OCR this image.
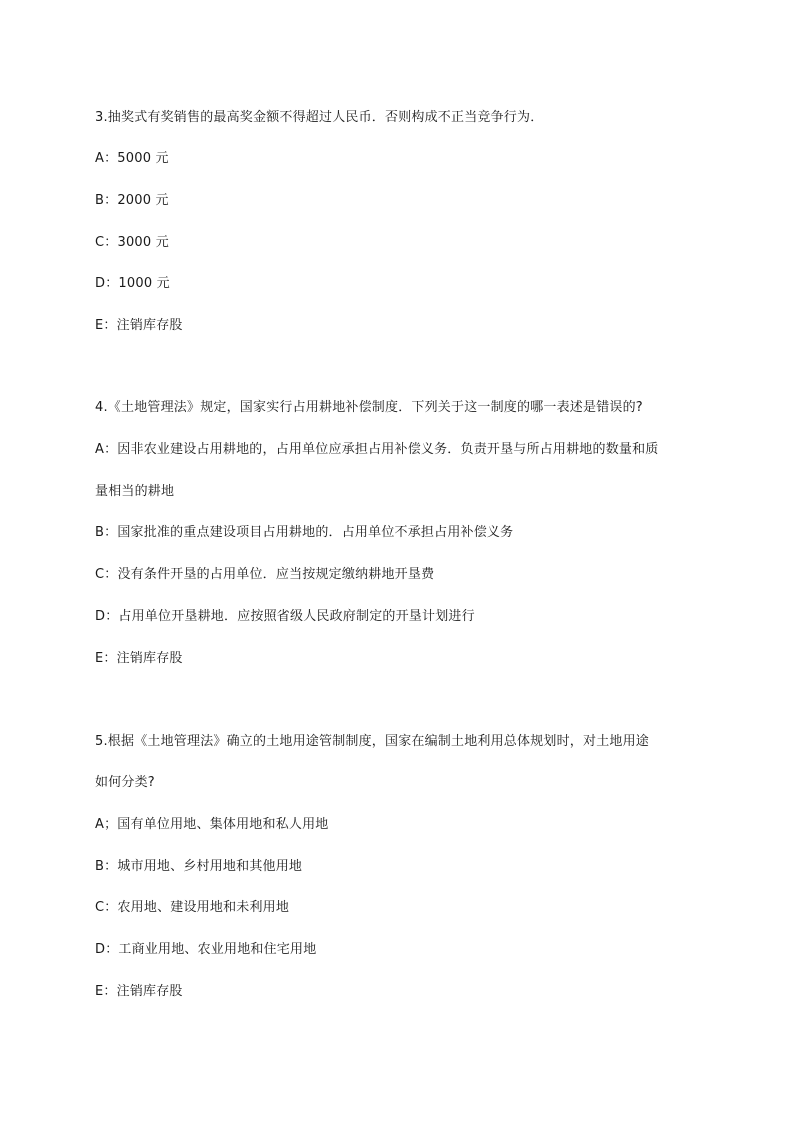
3.抽奖式有奖销售的最高奖金额不得超过人民币．否则构成不正当竞争行为．
A：5000 元
B：2000 元
C：3000 元
D：1000 元
E：注销库存股
4.《土地管理法》规定，国家实行占用耕地补偿制度．下列关于这一制度的哪一表述是错误的?
A：因非农业建设占用耕地的，占用单位应承担占用补偿义务．负责开垦与所占用耕地的数量和质
量相当的耕地
B：国家批准的重点建设项目占用耕地的．占用单位不承担占用补偿义务
C：没有条件开垦的占用单位．应当按规定缴纳耕地开垦费
D：占用单位开垦耕地．应按照省级人民政府制定的开垦计划进行
E：注销库存股
5.根据《土地管理法》确立的土地用途管制制度，国家在编制土地利用总体规划时，对土地用途
如何分类?
A；国有单位用地、集体用地和私人用地
B：城市用地、乡村用地和其他用地
C：农用地、建设用地和未利用地
D：工商业用地、农业用地和住宅用地
E：注销库存股
